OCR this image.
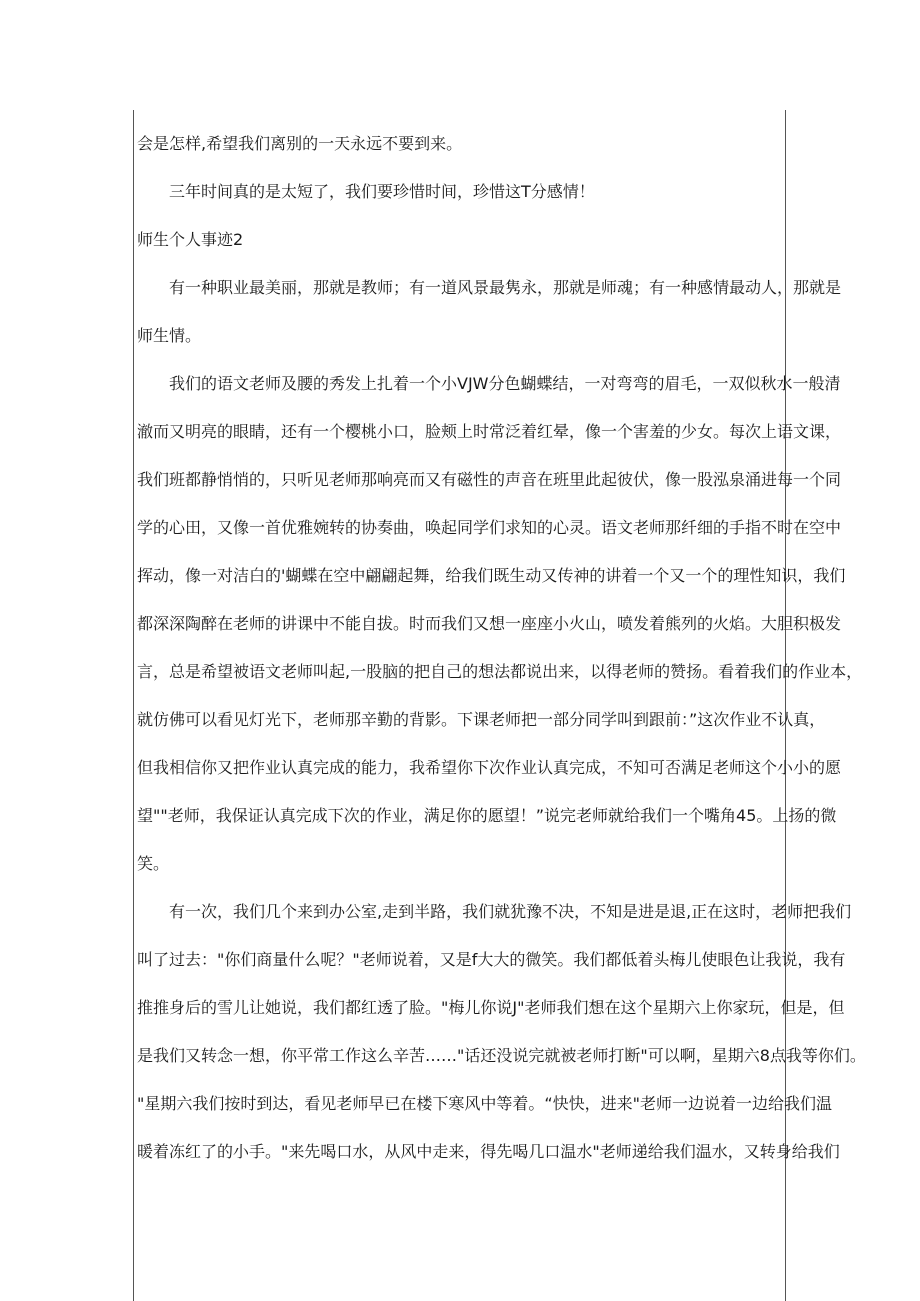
会是怎样,希望我们离别的一天永远不要到来。
三年时间真的是太短了，我们要珍惜时间，珍惜这T分感情！
师生个人事迹2
有一种职业最美丽，那就是教师；有一道风景最隽永，那就是师魂；有一种感情最动人，那就是
师生情。
我们的语文老师及腰的秀发上扎着一个小VJW分色蝴蝶结，一对弯弯的眉毛，一双似秋水一般清
澈而又明亮的眼睛，还有一个樱桃小口，脸颊上时常泛着红晕，像一个害羞的少女。每次上语文课，
我们班都静悄悄的，只听见老师那响亮而又有磁性的声音在班里此起彼伏，像一股泓泉涌进每一个同
学的心田，又像一首优雅婉转的协奏曲，唤起同学们求知的心灵。语文老师那纤细的手指不时在空中
挥动，像一对洁白的'蝴蝶在空中翩翩起舞，给我们既生动又传神的讲着一个又一个的理性知识，我们
都深深陶醉在老师的讲课中不能自拔。时而我们又想一座座小火山，喷发着熊列的火焰。大胆积极发
言，总是希望被语文老师叫起,一股脑的把自己的想法都说出来，以得老师的赞扬。看着我们的作业本，
就仿佛可以看见灯光下，老师那辛勤的背影。下课老师把一部分同学叫到跟前：”这次作业不认真，
但我相信你又把作业认真完成的能力，我希望你下次作业认真完成，不知可否满足老师这个小小的愿
望""老师，我保证认真完成下次的作业，满足你的愿望！”说完老师就给我们一个嘴角45。上扬的微
笑。
有一次，我们几个来到办公室,走到半路，我们就犹豫不决，不知是进是退,正在这时，老师把我们
叫了过去："你们商量什么呢？"老师说着，又是f大大的微笑。我们都低着头梅儿使眼色让我说，我有
推推身后的雪儿让她说，我们都红透了脸。"梅儿你说J"老师我们想在这个星期六上你家玩，但是，但
是我们又转念一想，你平常工作这么辛苦……"话还没说完就被老师打断"可以啊，星期六8点我等你们。
"星期六我们按时到达，看见老师早已在楼下寒风中等着。“快快，进来"老师一边说着一边给我们温
暖着冻红了的小手。"来先喝口水，从风中走来，得先喝几口温水"老师递给我们温水，又转身给我们
